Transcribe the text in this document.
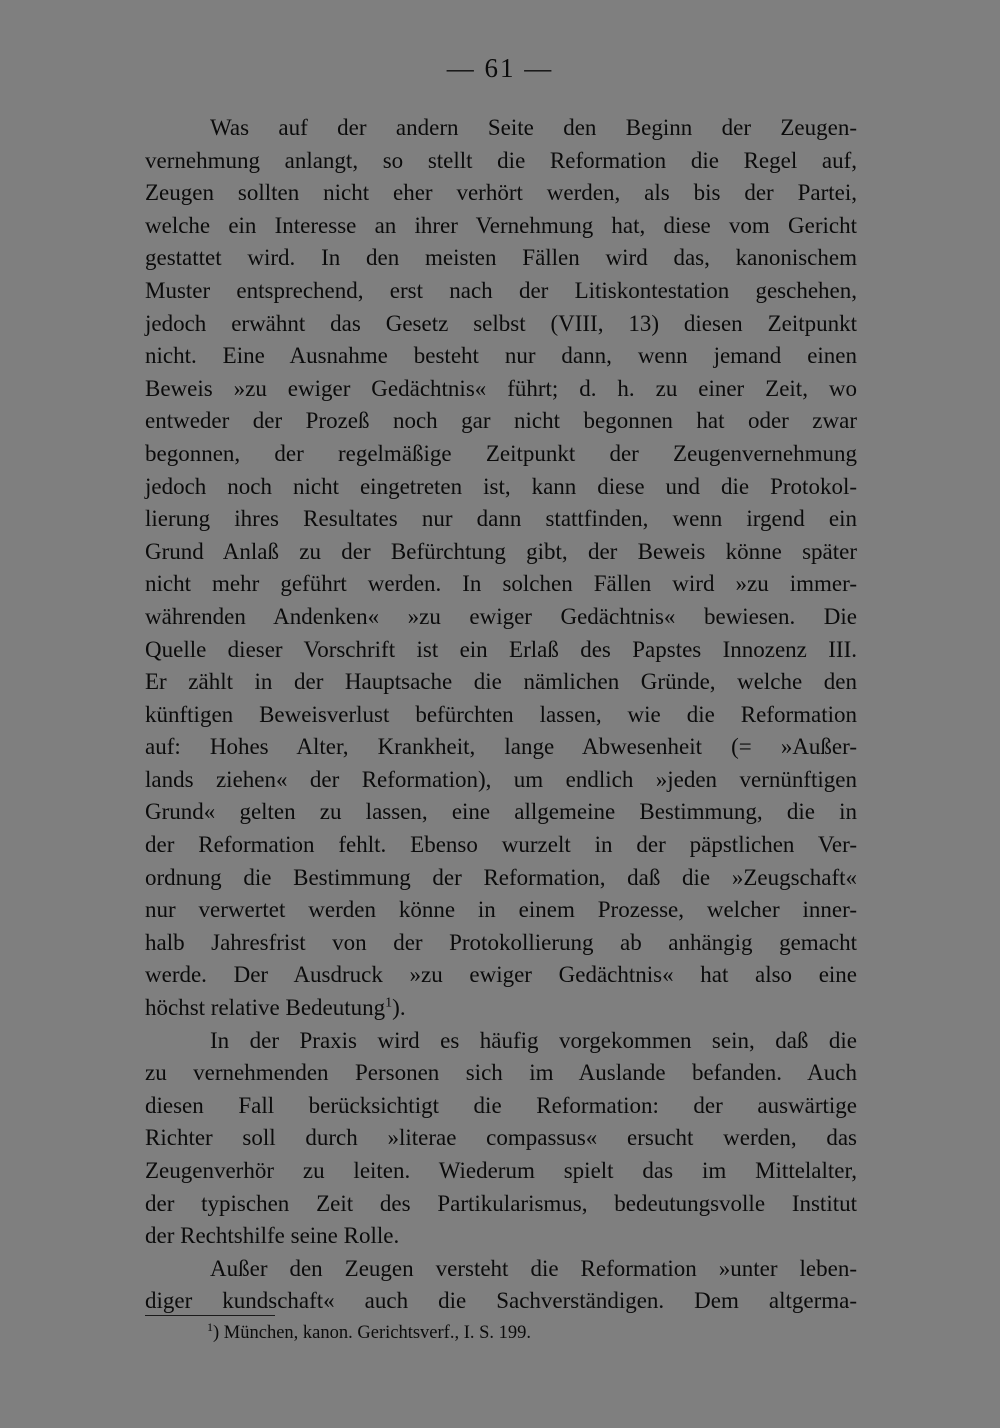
— 61 —
Was auf der andern Seite den Beginn der Zeugen-
vernehmung anlangt, so stellt die Reformation die Regel auf,
Zeugen sollten nicht eher verhört werden, als bis der Partei,
welche ein Interesse an ihrer Vernehmung hat, diese vom Gericht
gestattet wird. In den meisten Fällen wird das, kanonischem
Muster entsprechend, erst nach der Litiskontestation geschehen,
jedoch erwähnt das Gesetz selbst (VIII, 13) diesen Zeitpunkt
nicht. Eine Ausnahme besteht nur dann, wenn jemand einen
Beweis »zu ewiger Gedächtnis« führt; d. h. zu einer Zeit, wo
entweder der Prozeß noch gar nicht begonnen hat oder zwar
begonnen, der regelmäßige Zeitpunkt der Zeugenvernehmung
jedoch noch nicht eingetreten ist, kann diese und die Protokol-
lierung ihres Resultates nur dann stattfinden, wenn irgend ein
Grund Anlaß zu der Befürchtung gibt, der Beweis könne später
nicht mehr geführt werden. In solchen Fällen wird »zu immer-
währenden Andenken« »zu ewiger Gedächtnis« bewiesen. Die
Quelle dieser Vorschrift ist ein Erlaß des Papstes Innozenz III.
Er zählt in der Hauptsache die nämlichen Gründe, welche den
künftigen Beweisverlust befürchten lassen, wie die Reformation
auf: Hohes Alter, Krankheit, lange Abwesenheit (= »Außer-
lands ziehen« der Reformation), um endlich »jeden vernünftigen
Grund« gelten zu lassen, eine allgemeine Bestimmung, die in
der Reformation fehlt. Ebenso wurzelt in der päpstlichen Ver-
ordnung die Bestimmung der Reformation, daß die »Zeugschaft«
nur verwertet werden könne in einem Prozesse, welcher inner-
halb Jahresfrist von der Protokollierung ab anhängig gemacht
werde. Der Ausdruck »zu ewiger Gedächtnis« hat also eine
höchst relative Bedeutung$^1$).
In der Praxis wird es häufig vorgekommen sein, daß die
zu vernehmenden Personen sich im Auslande befanden. Auch
diesen Fall berücksichtigt die Reformation: der auswärtige
Richter soll durch »literae compassus« ersucht werden, das
Zeugenverhör zu leiten. Wiederum spielt das im Mittelalter,
der typischen Zeit des Partikularismus, bedeutungsvolle Institut
der Rechtshilfe seine Rolle.
Außer den Zeugen versteht die Reformation »unter leben-
diger kundschaft« auch die Sachverständigen. Dem altgerma-
$^1$) München, kanon. Gerichtsverf., I. S. 199.
